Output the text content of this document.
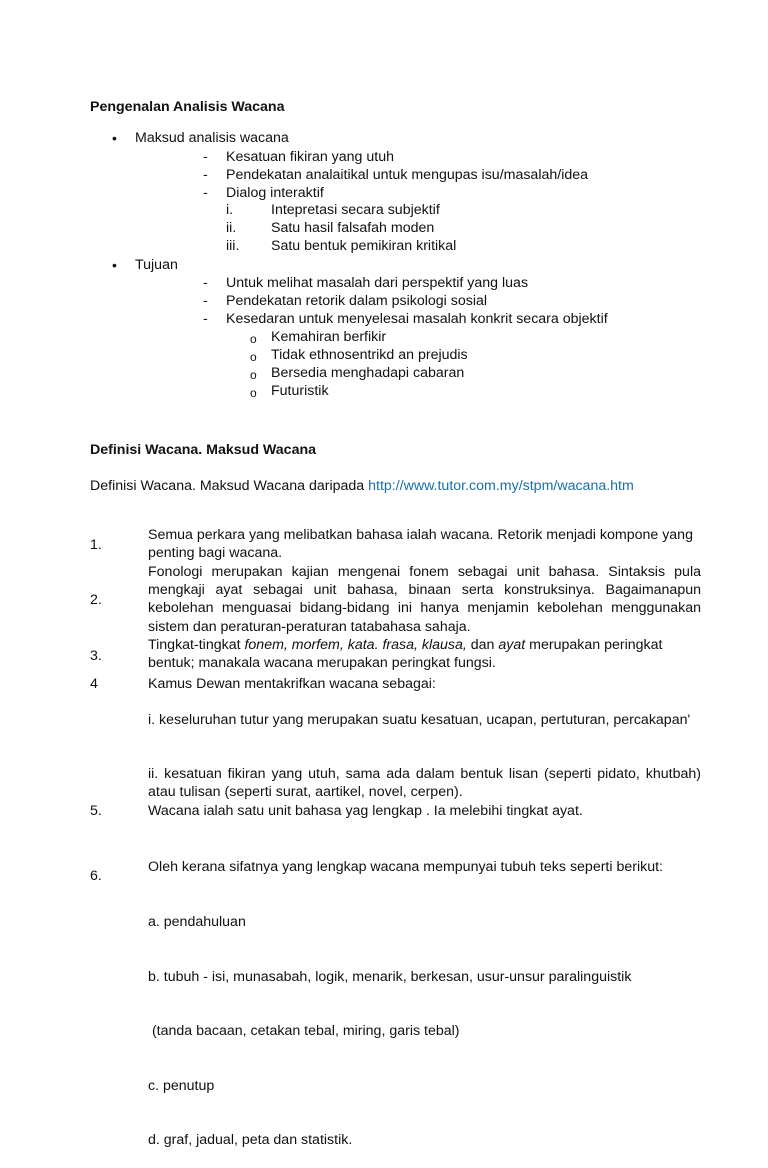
Pengenalan Analisis Wacana
• Maksud analisis wacana
- Kesatuan fikiran yang utuh
- Pendekatan analaitikal untuk mengupas isu/masalah/idea
- Dialog interaktif
i.	Intepretasi secara subjektif
ii. Satu hasil falsafah moden
iii. Satu bentuk pemikiran kritikal
• Tujuan
- Untuk melihat masalah dari perspektif yang luas
- Pendekatan retorik dalam psikologi sosial
- Kesedaran untuk menyelesai masalah konkrit secara objektif
o Kemahiran berfikir
o Tidak ethnosentrikd an prejudis
o Bersedia menghadapi cabaran
o Futuristik
Definisi Wacana. Maksud Wacana
Definisi Wacana. Maksud Wacana daripada http://www.tutor.com.my/stpm/wacana.htm
1.
Semua perkara yang melibatkan bahasa ialah wacana. Retorik menjadi kompone yang penting bagi wacana.
2.
Fonologi merupakan kajian mengenai fonem sebagai unit bahasa. Sintaksis pula mengkaji ayat sebagai unit bahasa, binaan serta konstruksinya. Bagaimanapun kebolehan menguasai bidang-bidang ini hanya menjamin kebolehan menggunakan sistem dan peraturan-peraturan tatabahasa sahaja.
3.
Tingkat-tingkat fonem, morfem, kata. frasa, klausa, dan ayat merupakan peringkat bentuk; manakala wacana merupakan peringkat fungsi.
4	Kamus Dewan mentakrifkan wacana sebagai:
i. keseluruhan tutur yang merupakan suatu kesatuan, ucapan, pertuturan, percakapan'
ii. kesatuan fikiran yang utuh, sama ada dalam bentuk lisan (seperti pidato, khutbah) atau tulisan (seperti surat, aartikel, novel, cerpen).
5.	Wacana ialah satu unit bahasa yag lengkap . Ia melebihi tingkat ayat.
6.

Oleh kerana sifatnya yang lengkap wacana mempunyai tubuh teks seperti berikut:

a. pendahuluan

b. tubuh - isi, munasabah, logik, menarik, berkesan, usur-unsur paralinguistik

(tanda bacaan, cetakan tebal, miring, garis tebal)

c. penutup

d. graf, jadual, peta dan statistik.
